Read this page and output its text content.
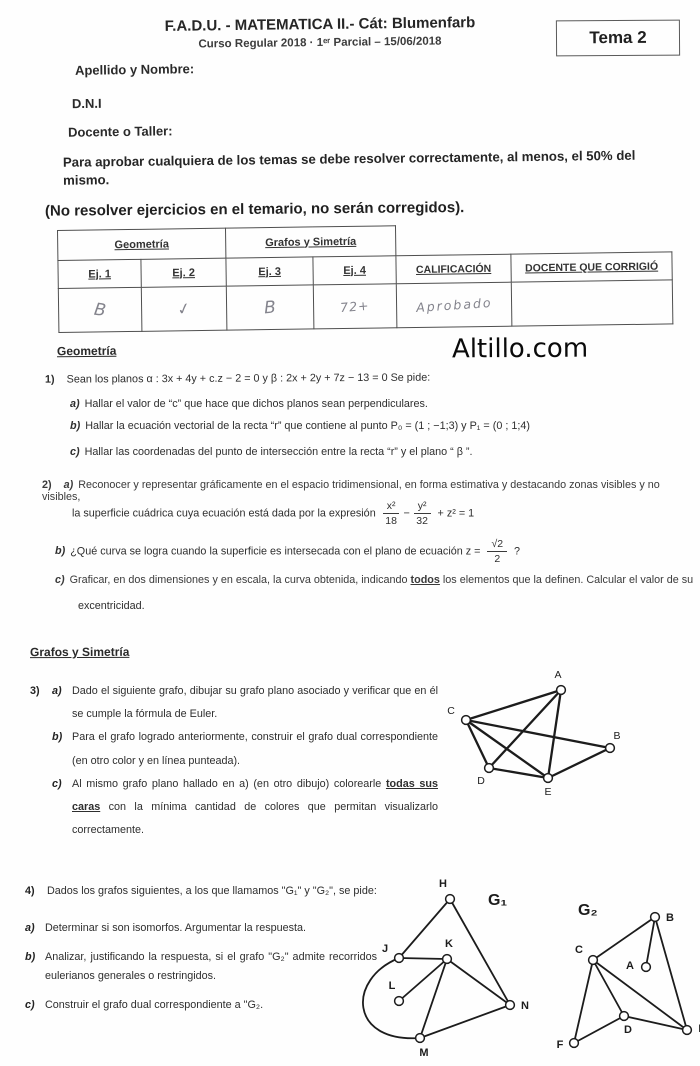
F.A.D.U. - MATEMATICA II.- Cát: Blumenfarb
Curso Regular 2018 · 1ᵉʳ Parcial – 15/06/2018	Tema 2
Apellido y Nombre:
D.N.I
Docente o Taller:
Para aprobar cualquiera de los temas se debe resolver correctamente, al menos, el 50% del mismo.
(No resolver ejercicios en el temario, no serán corregidos).
Geometría		Grafos y Simetría			
Ej. 1	Ej. 2	Ej. 3	Ej. 4	CALIFICACIÓN	DOCENTE QUE CORRIGIÓ
B	✓	B	72+	Aprobado	
Altillo.com
Geometría
1) Sean los planos α : 3x + 4y + c.z − 2 = 0 y β : 2x + 2y + 7z − 13 = 0 Se pide:
a) Hallar el valor de “c” que hace que dichos planos sean perpendiculares.
b) Hallar la ecuación vectorial de la recta “r” que contiene al punto P₀ = (1 ; −1;3) y P₁ = (0 ; 1;4)
c) Hallar las coordenadas del punto de intersección entre la recta “r” y el plano “ β ”.
2) a) Reconocer y representar gráficamente en el espacio tridimensional, en forma estimativa y destacando zonas visibles y no visibles,
la superficie cuádrica cuya ecuación está dada por la expresión $\frac{\text{x²}}{18} - \frac{\text{y²}}{32} + z^2 = 1$
b) ¿Qué curva se logra cuando la superficie es intersecada con el plano de ecuación $z = \frac{√2}{2}$ ?
c) Graficar, en dos dimensiones y en escala, la curva obtenida, indicando todos los elementos que la definen. Calcular el valor de su
excentricidad.
Grafos y Simetría
3)	a) Dado el siguiente grafo, dibujar su grafo plano asociado y verificar que en él se cumple la fórmula de Euler.

b) Para el grafo logrado anteriormente, construir el grafo dual correspondiente (en otro color y en línea punteada).

c) Al mismo grafo plano hallado en a) (en otro dibujo) colorearle todas sus caras con la mínima cantidad de colores que permitan visualizarlo correctamente.

A
C
B
D
E
4)	Dados los grafos siguientes, a los que llamamos "G₁" y "G₂", se pide:

a) Determinar si son isomorfos. Argumentar la respuesta.

b) Analizar, justificando la respuesta, si el grafo "G₂" admite recorridos eulerianos generales o restringidos.

c) Construir el grafo dual correspondiente a "G₂.

H
J	K
L
N
M
G₁
B
C
A
D
F
G₂
